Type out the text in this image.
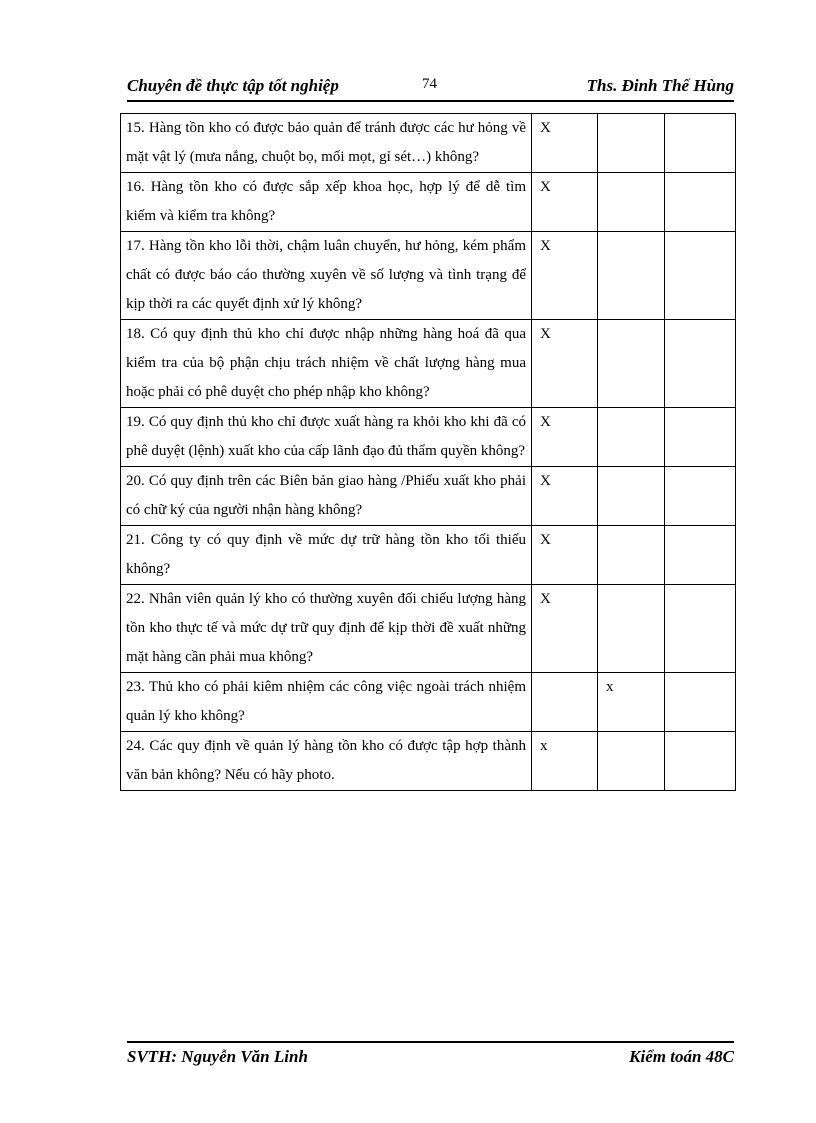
Chuyên đề thực tập tốt nghiệp	74	Ths. Đinh Thế Hùng
15. Hàng tồn kho có được bảo quản để tránh được các hư hỏng về mặt vật lý (mưa nắng, chuột bọ, mối mọt, gỉ sét…) không?	X		
16. Hàng tồn kho có được sắp xếp khoa học, hợp lý để dễ tìm kiếm và kiểm tra không?	X		
17. Hàng tồn kho lỗi thời, chậm luân chuyển, hư hỏng, kém phẩm chất có được báo cáo thường xuyên về số lượng và tình trạng để kịp thời ra các quyết định xử lý không?	X		
18. Có quy định thủ kho chỉ được nhập những hàng hoá đã qua kiểm tra của bộ phận chịu trách nhiệm về chất lượng hàng mua hoặc phải có phê duyệt cho phép nhập kho không?	X		
19. Có quy định thủ kho chỉ được xuất hàng ra khỏi kho khi đã có phê duyệt (lệnh) xuất kho của cấp lãnh đạo đủ thẩm quyền không?	X		
20. Có quy định trên các Biên bản giao hàng /Phiếu xuất kho phải có chữ ký của người nhận hàng không?	X		
21. Công ty có quy định về mức dự trữ hàng tồn kho tối thiểu không?	X		
22. Nhân viên quản lý kho có thường xuyên đối chiếu lượng hàng tồn kho thực tế và mức dự trữ quy định để kịp thời đề xuất những mặt hàng cần phải mua không?	X		
23. Thủ kho có phải kiêm nhiệm các công việc ngoài trách nhiệm quản lý kho không?		x	
24. Các quy định về quản lý hàng tồn kho có được tập hợp thành văn bản không? Nếu có hãy photo.	x		
SVTH: Nguyễn Văn Linh	Kiểm toán 48C
